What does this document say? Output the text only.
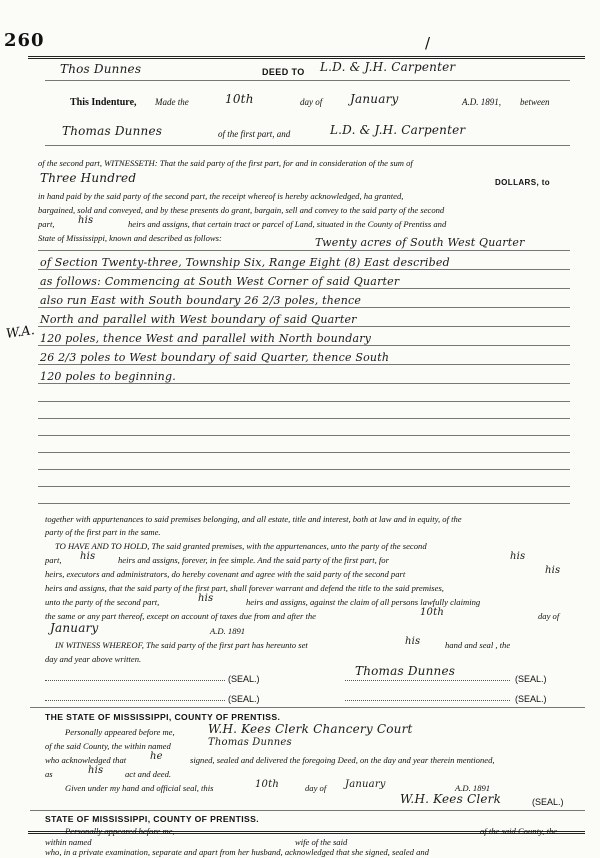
260	/
W.A.
Thos Dunnes	DEED TO L.D. & J.H. Carpenter
This Indenture, Made the	10th	day of January	A.D. 1891, between
Thomas Dunnes	of the first part, and	L.D. & J.H. Carpenter
of the second part, WITNESSETH: That the said party of the first part, for and in consideration of the sum of
Three Hundred	DOLLARS, to
in hand paid by the said party of the second part, the receipt whereof is hereby acknowledged, ha granted,
bargained, sold and conveyed, and by these presents do grant, bargain, sell and convey to the said party of the second
part, his	heirs and assigns, that certain tract or parcel of Land, situated in the County of Prentiss and
State of Mississippi, known and described as follows:	Twenty acres of South West Quarter
of Section Twenty-three, Township Six, Range Eight (8) East described
as follows: Commencing at South West Corner of said Quarter
also run East with South boundary 26 2/3 poles, thence
North and parallel with West boundary of said Quarter
120 poles, thence West and parallel with North boundary
26 2/3 poles to West boundary of said Quarter, thence South
120 poles to beginning.
together with appurtenances to said premises belonging, and all estate, title and interest, both at law and in equity, of the
party of the first part in the same.
TO HAVE AND TO HOLD, The said granted premises, with the appurtenances, unto the party of the second
part, his	heirs and assigns, forever, in fee simple. And the said party of the first part, for	his
heirs, executors and administrators, do hereby covenant and agree with the said party of the second part	his
heirs and assigns, that the said party of the first part, shall forever warrant and defend the title to the said premises,
unto the party of the second part,	his	heirs and assigns, against the claim of all persons lawfully claiming
the same or any part thereof, except on account of taxes due from and after the	10th	day of
January	A.D. 1891
IN WITNESS WHEREOF, The said party of the first part has hereunto set	his	hand and seal , the
day and year above written.
(SEAL.)
Thomas Dunnes
(SEAL.)
(SEAL.)	(SEAL.)
THE STATE OF MISSISSIPPI, COUNTY OF PRENTISS.
Personally appeared before me,	W.H. Kees Clerk Chancery Court
of the said County, the within named	Thomas Dunnes
who acknowledged that he	signed, sealed and delivered the foregoing Deed, on the day and year therein mentioned,
as	his	act and deed.
Given under my hand and official seal, this	10th	day of January	A.D. 1891
W.H. Kees Clerk	(SEAL.)
STATE OF MISSISSIPPI, COUNTY OF PRENTISS.
Personally appeared before me,	of the said County, the
within named	wife of the said
who, in a private examination, separate and apart from her husband, acknowledged that she signed, sealed and
